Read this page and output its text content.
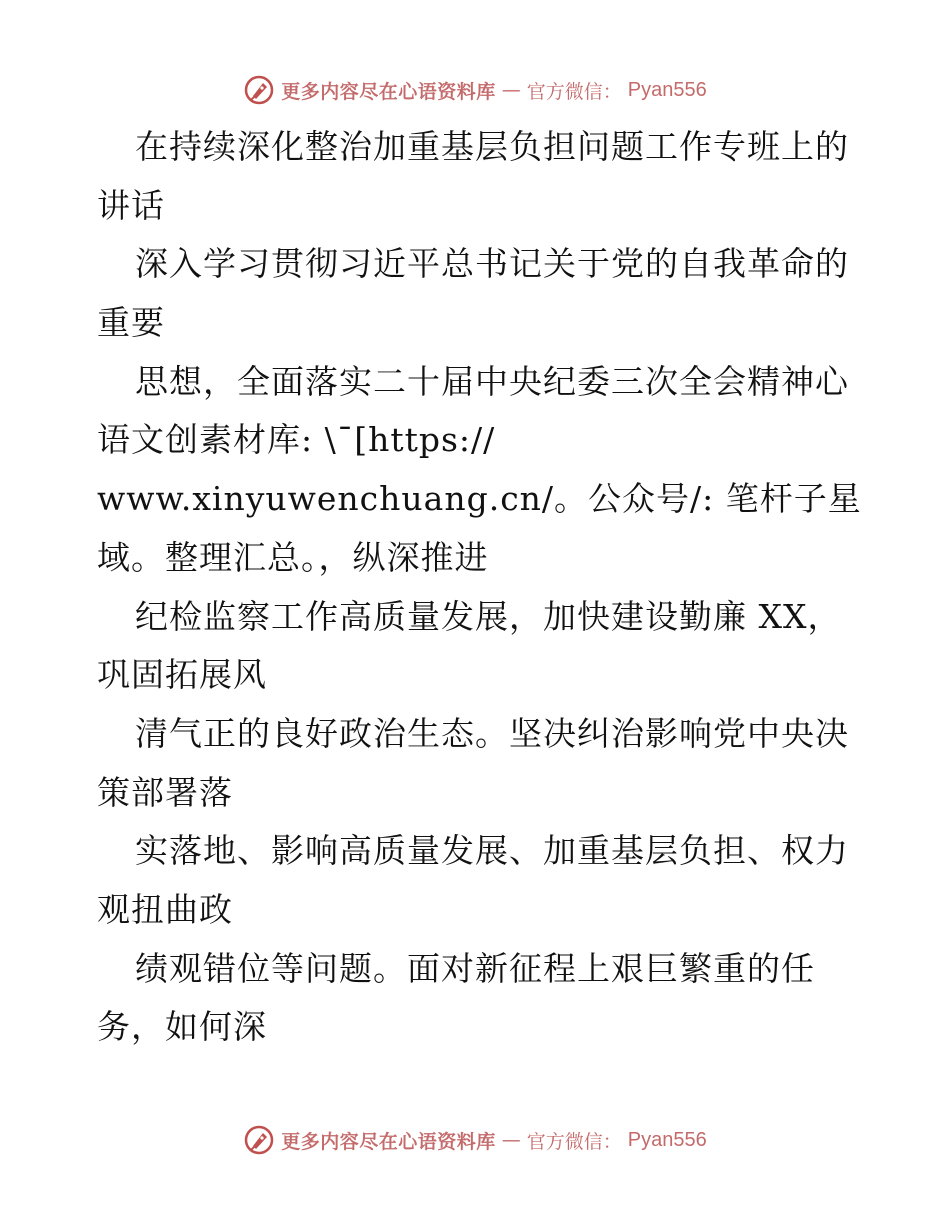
更多内容尽在心语资料库 — 官方微信： Pyan556
在持续深化整治加重基层负担问题工作专班上的
讲话
深入学习贯彻习近平总书记关于党的自我革命的
重要
思想，全面落实二十届中央纪委三次全会精神心
语文创素材库: \¯[https://
www.xinyuwenchuang.cn/。公众号/: 笔杆子星
域。整理汇总。，纵深推进
纪检监察工作高质量发展，加快建设勤廉 XX，
巩固拓展风
清气正的良好政治生态。坚决纠治影响党中央决
策部署落
实落地、影响高质量发展、加重基层负担、权力
观扭曲政
绩观错位等问题。面对新征程上艰巨繁重的任
务，如何深
更多内容尽在心语资料库 — 官方微信： Pyan556
